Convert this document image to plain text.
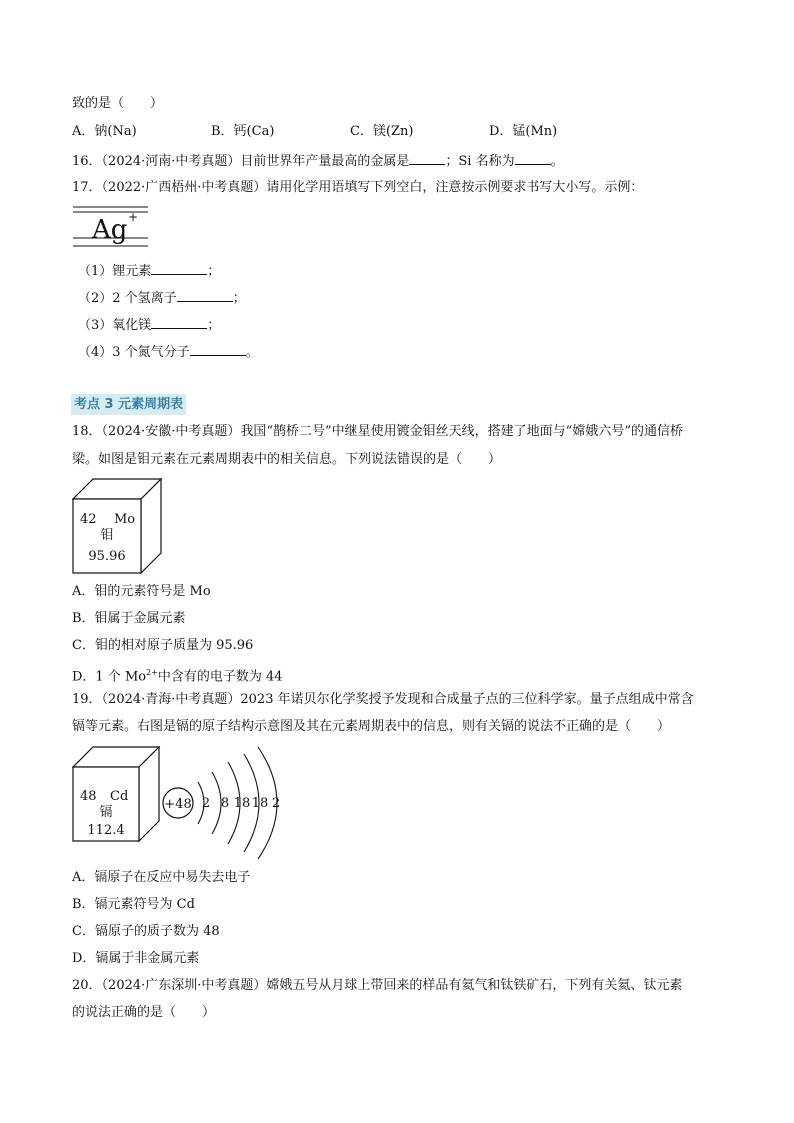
致的是（　　）
A．钠(Na)	B．钙(Ca)	C．镁(Zn)	D．锰(Mn)
16．（2024·河南·中考真题）目前世界年产量最高的金属是	；Si 名称为	。
17．（2022·广西梧州·中考真题）请用化学用语填写下列空白，注意按示例要求书写大小写。示例：
Ag +
（1）锂元素	；
（2）2 个氢离子	；
（3）氧化镁	；
（4）3 个氮气分子	。
考点 3 元素周期表
18．（2024·安徽·中考真题）我国“鹊桥二号”中继星使用镀金钼丝天线，搭建了地面与“嫦娥六号”的通信桥
梁。如图是钼元素在元素周期表中的相关信息。下列说法错误的是（　　）
42 Mo
钼
95.96
A．钼的元素符号是 Mo
B．钼属于金属元素
C．钼的相对原子质量为 95.96
D．1 个 $Mo^{2+}$中含有的电子数为 44
19．（2024·青海·中考真题）2023 年诺贝尔化学奖授予发现和合成量子点的三位科学家。量子点组成中常含
镉等元素。右图是镉的原子结构示意图及其在元素周期表中的信息，则有关镉的说法不正确的是（　　）
48 Cd
镉
112.4
+48 2 8 18 18 2
A．镉原子在反应中易失去电子
B．镉元素符号为 Cd
C．镉原子的质子数为 48
D．镉属于非金属元素
20．（2024·广东深圳·中考真题）嫦娥五号从月球上带回来的样品有氦气和钛铁矿石，下列有关氦、钛元素
的说法正确的是（　　）
